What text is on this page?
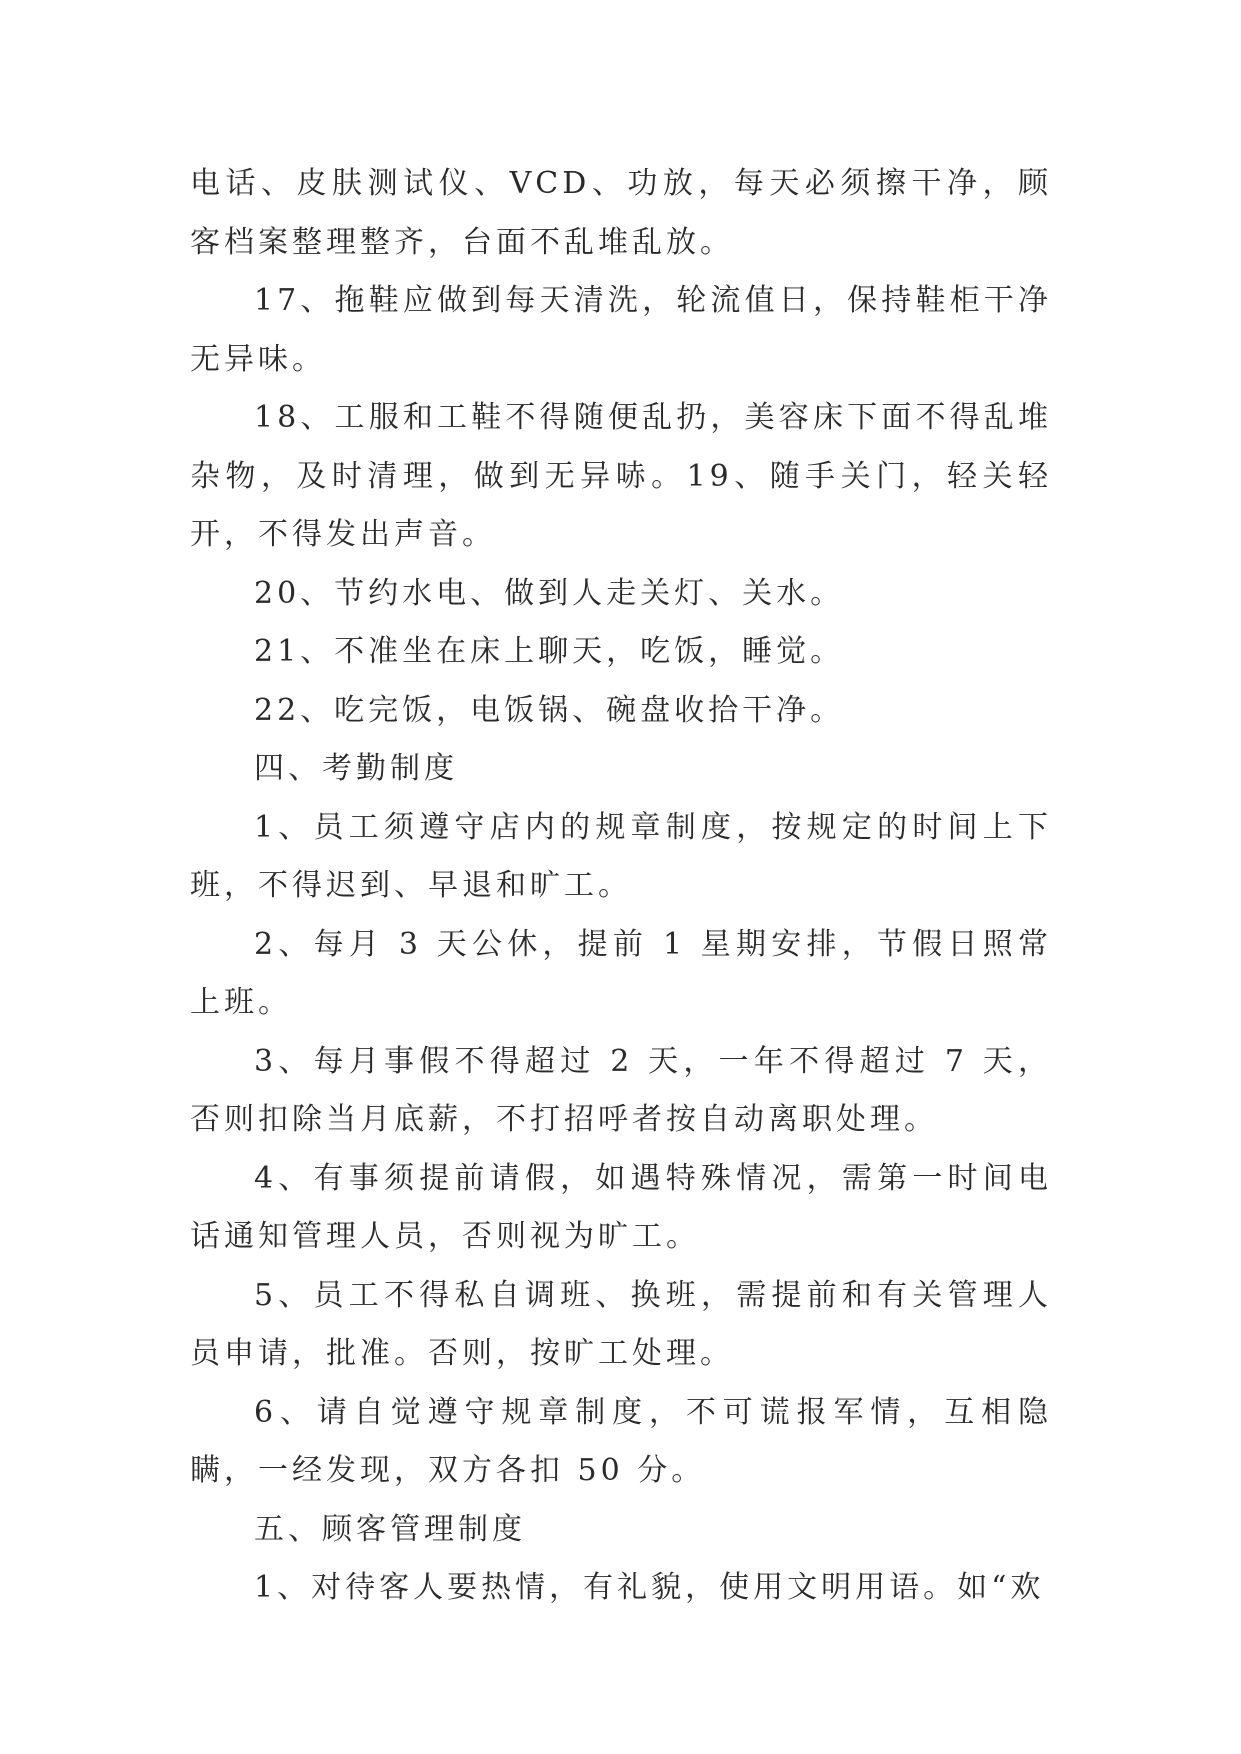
电话、皮肤测试仪、VCD、功放，每天必须擦干净，顾客档案整理整齐，台面不乱堆乱放。

17、拖鞋应做到每天清洗，轮流值日，保持鞋柜干净无异味。

18、工服和工鞋不得随便乱扔，美容床下面不得乱堆杂物，及时清理，做到无异哧。19、随手关门，轻关轻开，不得发出声音。

20、节约水电、做到人走关灯、关水。

21、不准坐在床上聊天，吃饭，睡觉。

22、吃完饭，电饭锅、碗盘收拾干净。

四、考勤制度

1、员工须遵守店内的规章制度，按规定的时间上下班，不得迟到、早退和旷工。

2、每月 3 天公休，提前 1 星期安排，节假日照常上班。

3、每月事假不得超过 2 天，一年不得超过 7 天，否则扣除当月底薪，不打招呼者按自动离职处理。

4、有事须提前请假，如遇特殊情况，需第一时间电话通知管理人员，否则视为旷工。

5、员工不得私自调班、换班，需提前和有关管理人员申请，批准。否则，按旷工处理。

6、请自觉遵守规章制度，不可谎报军情，互相隐瞒，一经发现，双方各扣 50 分。

五、顾客管理制度

1、对待客人要热情，有礼貌，使用文明用语。如“欢
